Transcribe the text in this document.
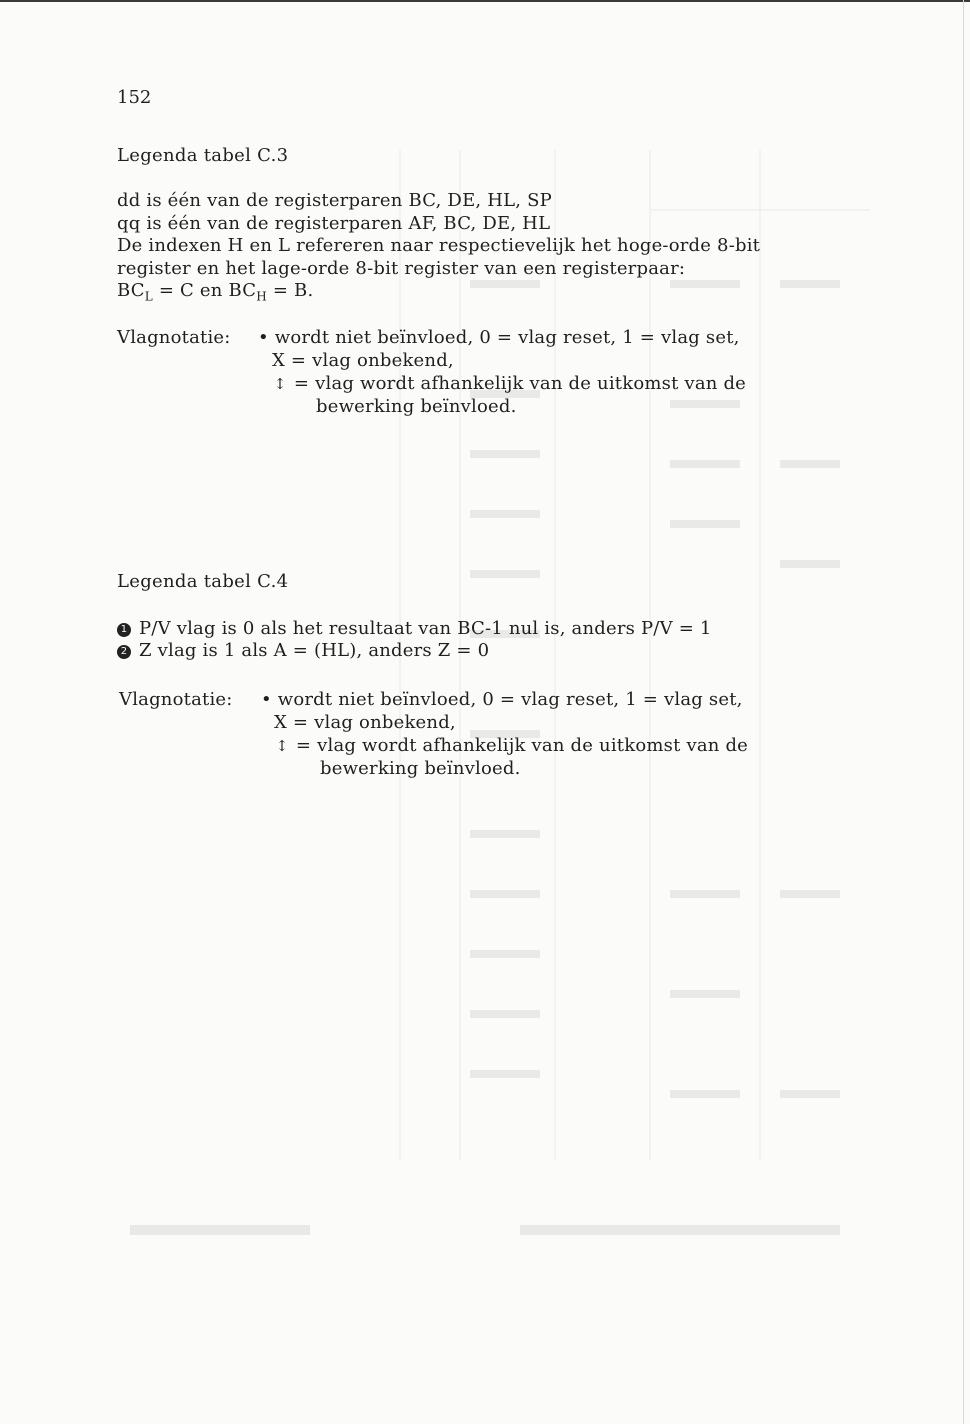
152
Legenda tabel C.3
dd is één van de registerparen BC, DE, HL, SP
qq is één van de registerparen AF, BC, DE, HL
De indexen H en L refereren naar respectievelijk het hoge-orde 8-bit
register en het lage-orde 8-bit register van een registerpaar:
$BC_L = C$ en $BC_H = B$.
Vlagnotatie: • wordt niet beïnvloed, 0 = vlag reset, 1 = vlag set,
X = vlag onbekend,
↕ = vlag wordt afhankelijk van de uitkomst van de
bewerking beïnvloed.
Legenda tabel C.4
1 P/V vlag is 0 als het resultaat van BC-1 nul is, anders P/V = 1
2 Z vlag is 1 als A = (HL), anders Z = 0
Vlagnotatie: • wordt niet beïnvloed, 0 = vlag reset, 1 = vlag set,
X = vlag onbekend,
↕ = vlag wordt afhankelijk van de uitkomst van de
bewerking beïnvloed.
